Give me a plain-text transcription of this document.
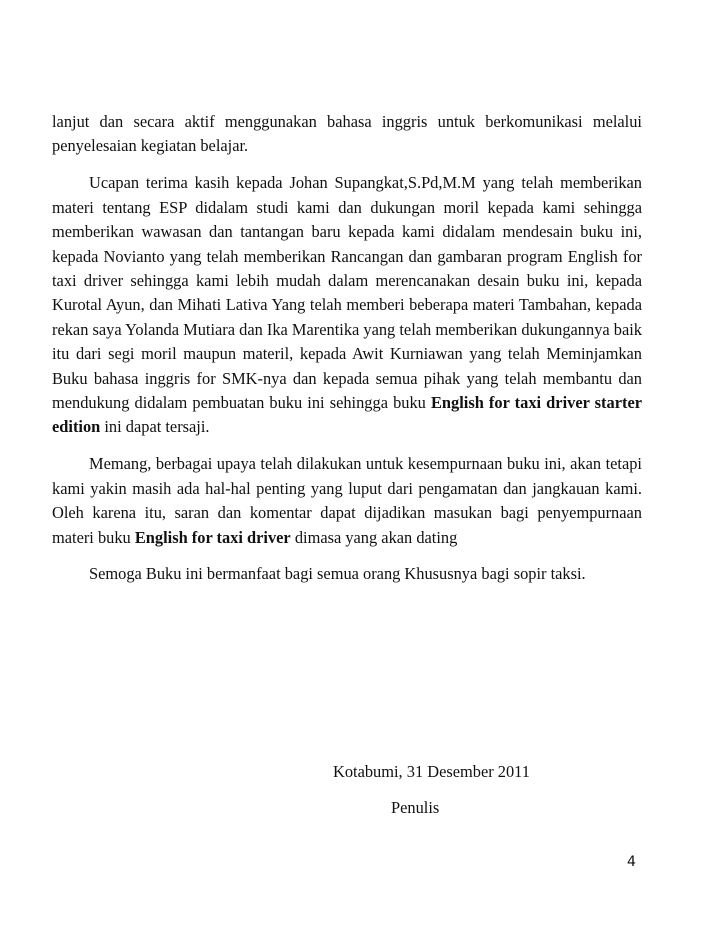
lanjut dan secara aktif menggunakan bahasa inggris untuk berkomunikasi melalui penyelesaian kegiatan belajar.

Ucapan terima kasih kepada Johan Supangkat,S.Pd,M.M yang telah memberikan materi tentang ESP didalam studi kami dan dukungan moril kepada kami sehingga memberikan wawasan dan tantangan baru kepada kami didalam mendesain buku ini, kepada Novianto yang telah memberikan Rancangan dan gambaran program English for taxi driver sehingga kami lebih mudah dalam merencanakan desain buku ini, kepada Kurotal Ayun, dan Mihati Lativa Yang telah memberi beberapa materi Tambahan, kepada rekan saya Yolanda Mutiara dan Ika Marentika yang telah memberikan dukungannya baik itu dari segi moril maupun materil, kepada Awit Kurniawan yang telah Meminjamkan Buku bahasa inggris for SMK-nya dan kepada semua pihak yang telah membantu dan mendukung didalam pembuatan buku ini sehingga buku English for taxi driver starter edition ini dapat tersaji.

Memang, berbagai upaya telah dilakukan untuk kesempurnaan buku ini, akan tetapi kami yakin masih ada hal-hal penting yang luput dari pengamatan dan jangkauan kami. Oleh karena itu, saran dan komentar dapat dijadikan masukan bagi penyempurnaan materi buku English for taxi driver dimasa yang akan dating

Semoga Buku ini bermanfaat bagi semua orang Khususnya bagi sopir taksi.

Kotabumi, 31 Desember 2011
Penulis
4
